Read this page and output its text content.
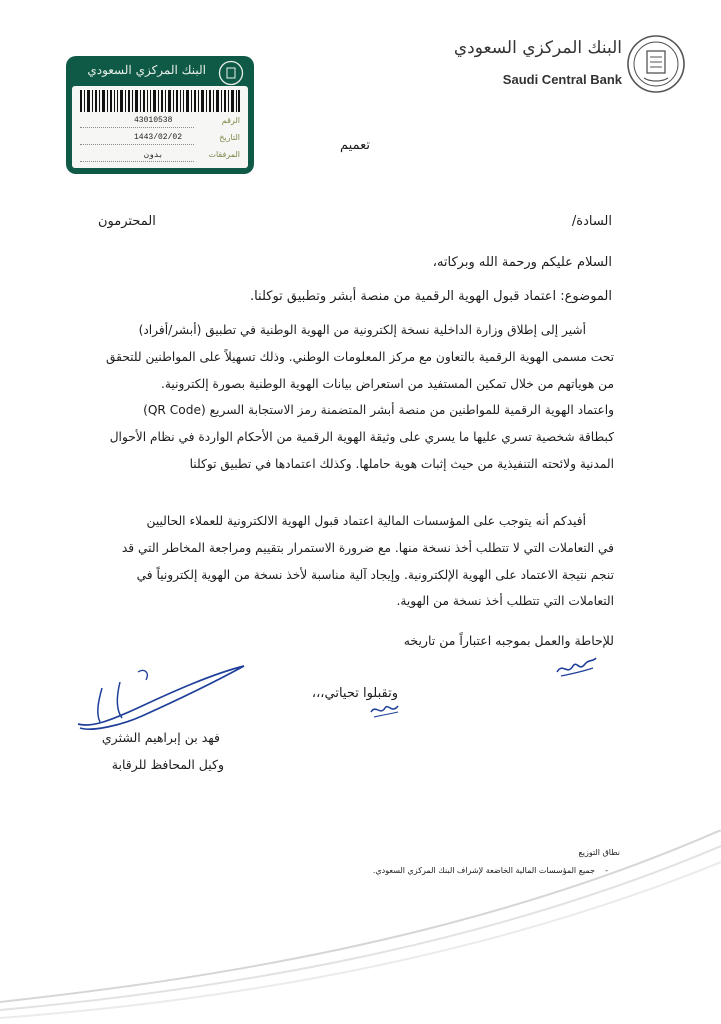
البنك المركزي السعودي
Saudi Central Bank
البنك المركزي السعودي
الرقم
43010538
التاريخ
1443/02/02
المرفقات
بدون
تعميم
السادة/
المحترمون
السلام عليكم ورحمة الله وبركاته،
الموضوع: اعتماد قبول الهوية الرقمية من منصة أبشر وتطبيق توكلنا.
أشير إلى إطلاق وزارة الداخلية نسخة إلكترونية من الهوية الوطنية في تطبيق (أبشر/أفراد)
تحت مسمى الهوية الرقمية بالتعاون مع مركز المعلومات الوطني. وذلك تسهيلاً على المواطنين للتحقق
من هوياتهم من خلال تمكين المستفيد من استعراض بيانات الهوية الوطنية بصورة إلكترونية.
واعتماد الهوية الرقمية للمواطنين من منصة أبشر المتضمنة رمز الاستجابة السريع (QR Code)
كبطاقة شخصية تسري عليها ما يسري على وثيقة الهوية الرقمية من الأحكام الواردة في نظام الأحوال
المدنية ولائحته التنفيذية من حيث إثبات هوية حاملها. وكذلك اعتمادها في تطبيق توكلنا
أفيدكم أنه يتوجب على المؤسسات المالية اعتماد قبول الهوية الالكترونية للعملاء الحاليين
في التعاملات التي لا تتطلب أخذ نسخة منها. مع ضرورة الاستمرار بتقييم ومراجعة المخاطر التي قد
تنجم نتيجة الاعتماد على الهوية الإلكترونية. وإيجاد آلية مناسبة لأخذ نسخة من الهوية إلكترونياً في
التعاملات التي تتطلب أخذ نسخة من الهوية.
للإحاطة والعمل بموجبه اعتباراً من تاريخه
وتقبلوا تحياتي،،،
فهد بن إبراهيم الشثري
وكيل المحافظ للرقابة
نطاق التوزيع
-    جميع المؤسسات المالية الخاضعة لإشراف البنك المركزي السعودي.
